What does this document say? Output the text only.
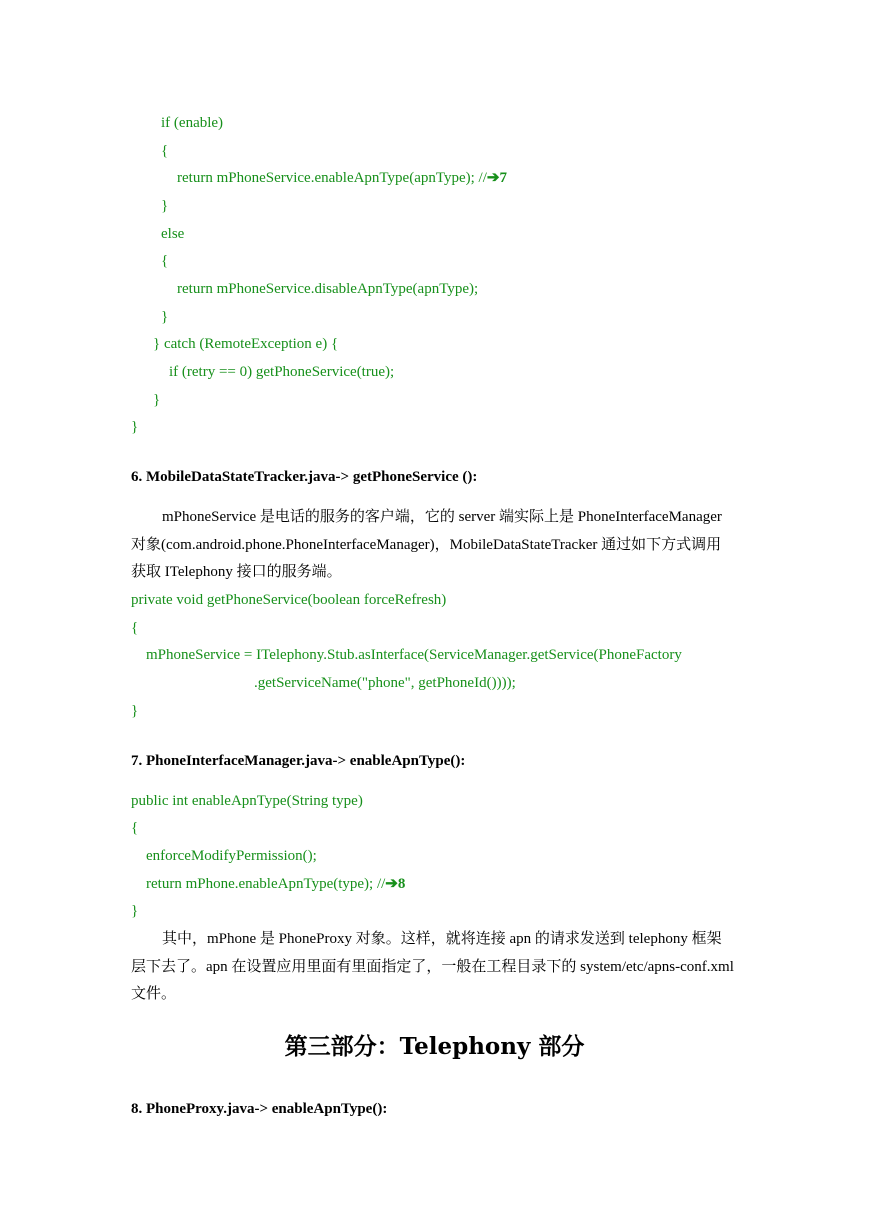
if (enable)
{
return mPhoneService.enableApnType(apnType); //➔7
}
else
{
return mPhoneService.disableApnType(apnType);
}
} catch (RemoteException e) {
if (retry == 0) getPhoneService(true);
}
}
6. MobileDataStateTracker.java-> getPhoneService ():
mPhoneService 是电话的服务的客户端，它的 server 端实际上是 PhoneInterfaceManager
对象(com.android.phone.PhoneInterfaceManager)，MobileDataStateTracker 通过如下方式调用
获取 ITelephony 接口的服务端。
private void getPhoneService(boolean forceRefresh)
{
mPhoneService = ITelephony.Stub.asInterface(ServiceManager.getService(PhoneFactory
.getServiceName("phone", getPhoneId())));
}
7. PhoneInterfaceManager.java-> enableApnType():
public int enableApnType(String type)
{
enforceModifyPermission();
return mPhone.enableApnType(type); //➔8
}
其中，mPhone 是 PhoneProxy 对象。这样，就将连接 apn 的请求发送到 telephony 框架
层下去了。apn 在设置应用里面有里面指定了，一般在工程目录下的 system/etc/apns-conf.xml
文件。
第三部分：Telephony 部分
8. PhoneProxy.java-> enableApnType():
